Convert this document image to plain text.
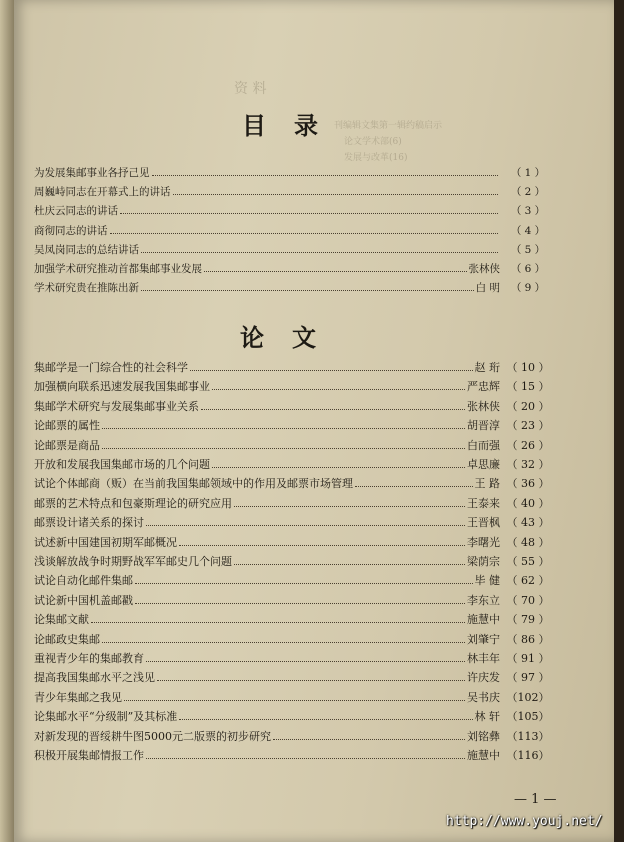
资 料
刊编辑文集第一辑约稿启示
论文学术部(6)
发展与改革(16)
目录
为发展集邮事业各抒己见	（ 1 ）
周巍峙同志在开幕式上的讲话	（ 2 ）
杜庆云同志的讲话	（ 3 ）
商彻同志的讲话	（ 4 ）
吴凤岗同志的总结讲话	（ 5 ）
加强学术研究推动首都集邮事业发展	张林侠	（ 6 ）
学术研究贵在推陈出新	白 明	（ 9 ）
论文
集邮学是一门综合性的社会科学	赵 珩 （ 10 ）
加强横向联系迅速发展我国集邮事业	严忠辉 （ 15 ）
集邮学术研究与发展集邮事业关系	张林侠 （ 20 ）
论邮票的属性	胡晋淳 （ 23 ）
论邮票是商品	白而强 （ 26 ）
开放和发展我国集邮市场的几个问题	卓思廉 （ 32 ）
试论个体邮商（贩）在当前我国集邮领域中的作用及邮票市场管理	王 路 （ 36 ）
邮票的艺术特点和包豪斯理论的研究应用	王泰来 （ 40 ）
邮票设计诸关系的探讨	王晋枫 （ 43 ）
试述新中国建国初期军邮概况	李曙光 （ 48 ）
浅谈解放战争时期野战军军邮史几个问题	梁荫宗 （ 55 ）
试论自动化邮件集邮	毕 健 （ 62 ）
试论新中国机盖邮戳	李东立 （ 70 ）
论集邮文献	施慧中 （ 79 ）
论邮政史集邮	刘肇宁 （ 86 ）
重视青少年的集邮教育	林丰年 （ 91 ）
提高我国集邮水平之浅见	许庆发 （ 97 ）
青少年集邮之我见	吴书庆 （102）
论集邮水平“分级制”及其标准	林 轩 （105）
对新发现的晋绥耕牛图5000元二版票的初步研究	刘铭彝 （113）
积极开展集邮情报工作	施慧中 （116）
— 1 —
http://www.youj.net/
